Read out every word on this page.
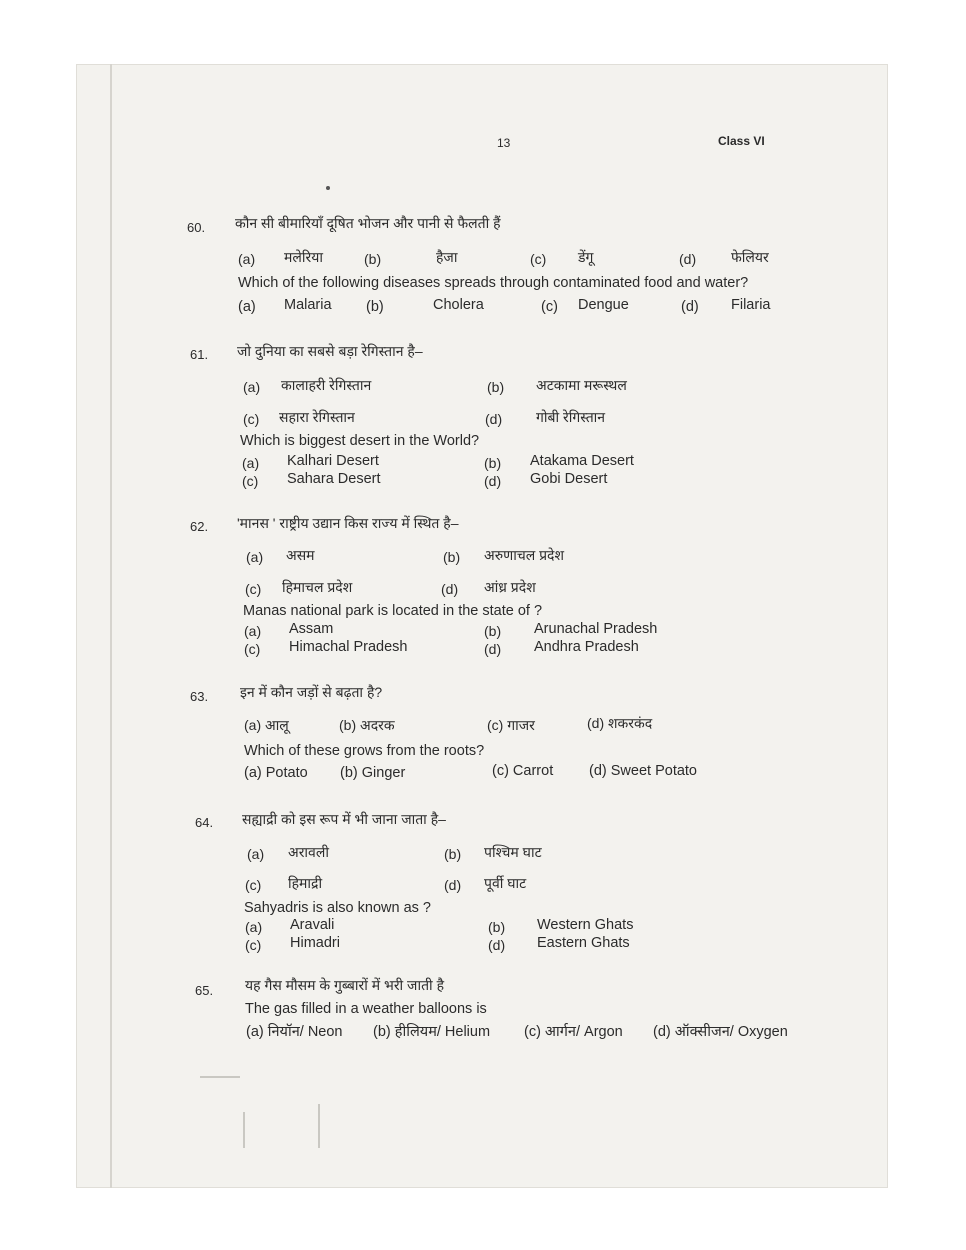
13	Class VI
60. कौन सी बीमारियाँ दूषित भोजन और पानी से फैलती हैं
(a) मलेरिया	(b)	हैजा	(c) डेंगू	(d) फेलियर
Which of the following diseases spreads through contaminated food and water?
(a) Malaria (b)	Cholera	(c) Dengue	(d) Filaria
61. जो दुनिया का सबसे बड़ा रेगिस्तान है–
(a) कालाहरी रेगिस्तान	(b) अटकामा मरूस्थल
(c) सहारा रेगिस्तान	(d) गोबी रेगिस्तान
Which is biggest desert in the World?
(a) Kalhari Desert	(b) Atakama Desert
(c) Sahara Desert	(d) Gobi Desert
62. 'मानस ' राष्ट्रीय उद्यान किस राज्य में स्थित है–
(a) असम	(b) अरुणाचल प्रदेश
(c) हिमाचल प्रदेश	(d) आंध्र प्रदेश
Manas national park is located in the state of ?
(a) Assam	(b) Arunachal Pradesh
(c) Himachal Pradesh	(d) Andhra Pradesh
63. इन में कौन जड़ों से बढ़ता है?
(a) आलू	(b) अदरक	(c) गाजर	(d) शकरकंद
Which of these grows from the roots?
(a) Potato (b) Ginger	(c) Carrot (d) Sweet Potato
64. सह्याद्री को इस रूप में भी जाना जाता है–
(a) अरावली	(b) पश्चिम घाट
(c) हिमाद्री	(d) पूर्वी घाट
Sahyadris is also known as ?
(a) Aravali	(b) Western Ghats
(c) Himadri	(d) Eastern Ghats
65. यह गैस मौसम के गुब्बारों में भरी जाती है
The gas filled in a weather balloons is
(a) नियॉन/ Neon (b) हीलियम/ Helium (c) आर्गन/ Argon (d) ऑक्सीजन/ Oxygen
